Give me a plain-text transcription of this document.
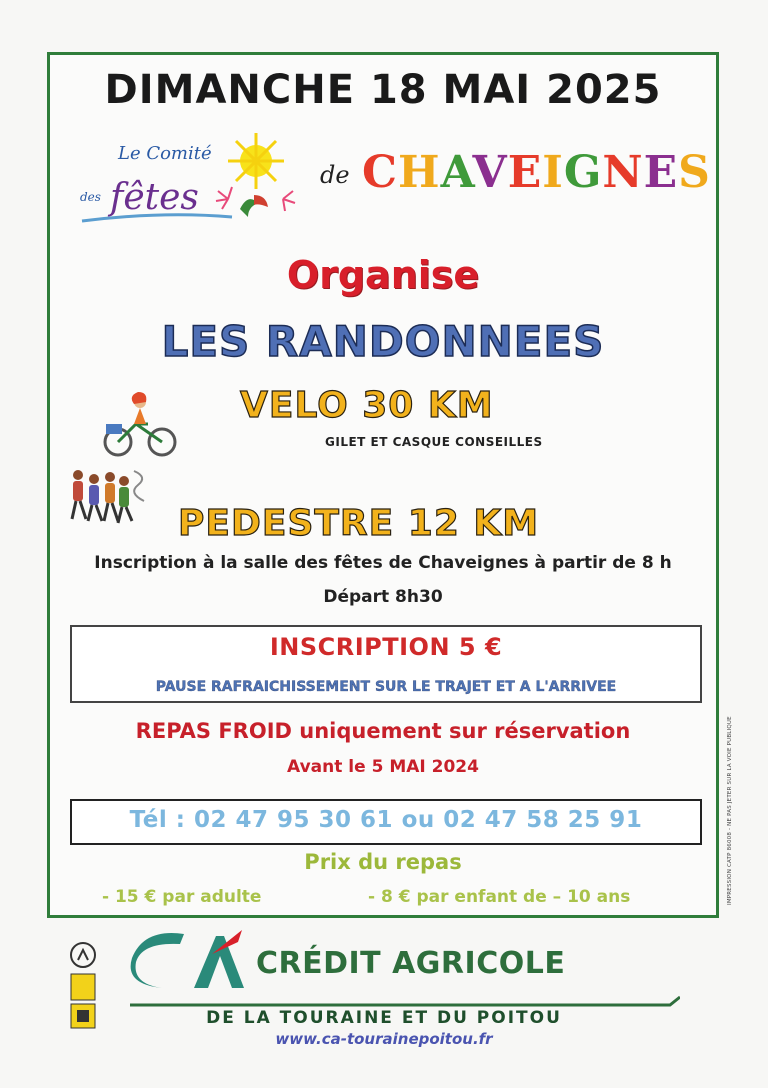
DIMANCHE 18 MAI 2025
Le Comité
des fêtes
de CHAVEIGNES
Organise
LES RANDONNEES
VELO 30 KM
GILET ET CASQUE CONSEILLES
PEDESTRE 12 KM
Inscription à la salle des fêtes de Chaveignes à partir de 8 h
Départ 8h30
INSCRIPTION 5 €
PAUSE RAFRAICHISSEMENT SUR LE TRAJET ET A L'ARRIVEE
REPAS FROID uniquement sur réservation
Avant le 5 MAI 2024
Tél : 02 47 95 30 61 ou 02 47 58 25 91
Prix du repas
- 15 € par adulte	- 8 € par enfant de – 10 ans	IMPRESSION CATP 86008 - NE PAS JETER SUR LA VOIE PUBLIQUE
CRÉDIT AGRICOLE
DE LA TOURAINE ET DU POITOU
www.ca-tourainepoitou.fr
